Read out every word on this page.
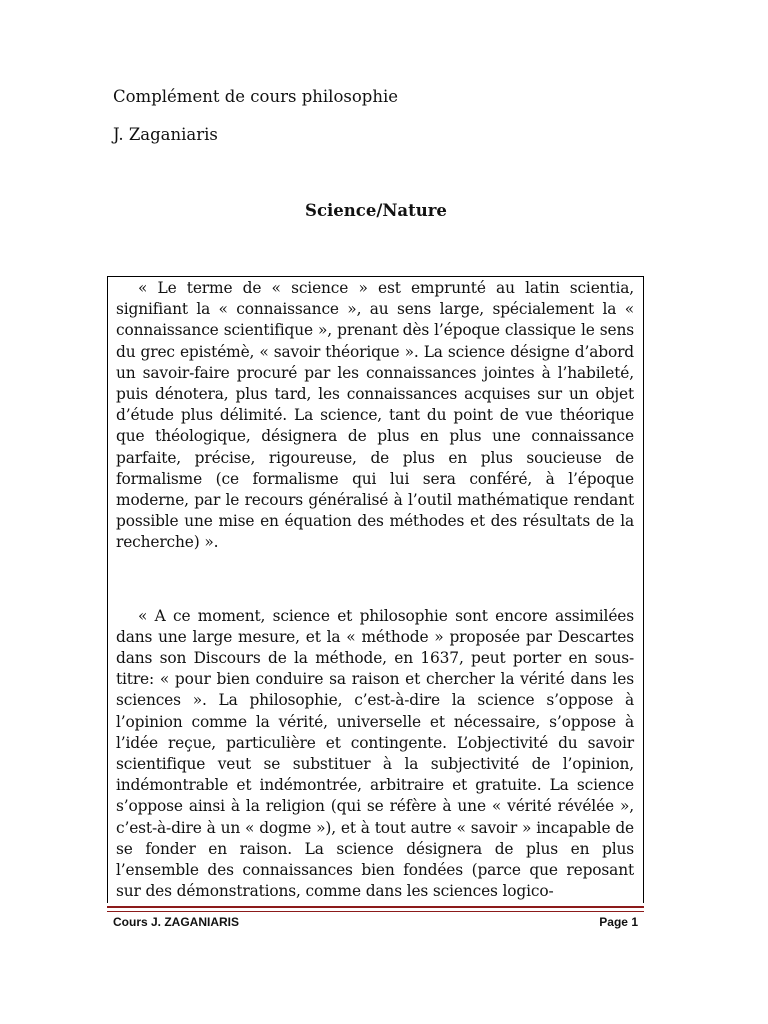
Complément de cours philosophie
J. Zaganiaris
Science/Nature

« Le terme de « science » est emprunté au latin scientia, signifiant la « connaissance », au sens large, spécialement la « connaissance scientifique », prenant dès l’époque classique le sens du grec epistémè, « savoir théorique ». La science désigne d’abord un savoir-faire procuré par les connaissances jointes à l’habileté, puis dénotera, plus tard, les connaissances acquises sur un objet d’étude plus délimité. La science, tant du point de vue théorique que théologique, désignera de plus en plus une connaissance parfaite, précise, rigoureuse, de plus en plus soucieuse de formalisme (ce formalisme qui lui sera conféré, à l’époque moderne, par le recours généralisé à l’outil mathématique rendant possible une mise en équation des méthodes et des résultats de la recherche) ».

« A ce moment, science et philosophie sont encore assimilées dans une large mesure, et la « méthode » proposée par Descartes dans son Discours de la méthode, en 1637, peut porter en sous-titre: « pour bien conduire sa raison et chercher la vérité dans les sciences ». La philosophie, c’est-à-dire la science s’oppose à l’opinion comme la vérité, universelle et nécessaire, s’oppose à l’idée reçue, particulière et contingente. L’objectivité du savoir scientifique veut se substituer à la subjectivité de l’opinion, indémontrable et indémontrée, arbitraire et gratuite. La science s’oppose ainsi à la religion (qui se réfère à une « vérité révélée », c’est-à-dire à un « dogme »), et à tout autre « savoir » incapable de se fonder en raison. La science désignera de plus en plus l’ensemble des connaissances bien fondées (parce que reposant sur des démonstrations, comme dans les sciences logico-

Cours J. ZAGANIARIS	Page 1
